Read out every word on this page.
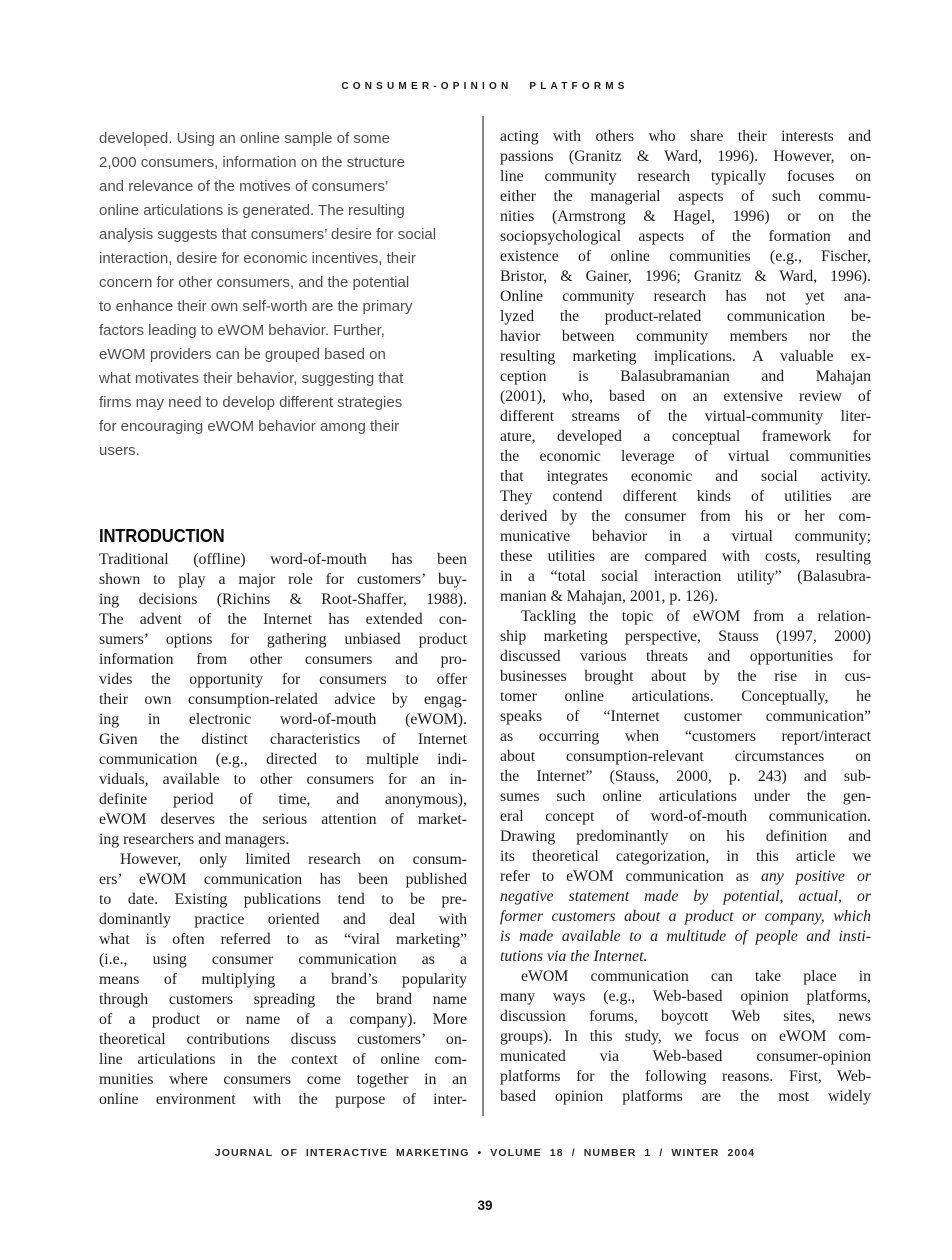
CONSUMER-OPINION PLATFORMS
developed. Using an online sample of some
2,000 consumers, information on the structure
and relevance of the motives of consumers’
online articulations is generated. The resulting
analysis suggests that consumers’ desire for social
interaction, desire for economic incentives, their
concern for other consumers, and the potential
to enhance their own self-worth are the primary
factors leading to eWOM behavior. Further,
eWOM providers can be grouped based on
what motivates their behavior, suggesting that
firms may need to develop different strategies
for encouraging eWOM behavior among their
users.
INTRODUCTION
Traditional (offline) word-of-mouth has been
shown to play a major role for customers’ buy-
ing decisions (Richins & Root-Shaffer, 1988).
The advent of the Internet has extended con-
sumers’ options for gathering unbiased product
information from other consumers and pro-
vides the opportunity for consumers to offer
their own consumption-related advice by engag-
ing in electronic word-of-mouth (eWOM).
Given the distinct characteristics of Internet
communication (e.g., directed to multiple indi-
viduals, available to other consumers for an in-
definite period of time, and anonymous),
eWOM deserves the serious attention of market-
ing researchers and managers.
However, only limited research on consum-
ers’ eWOM communication has been published
to date. Existing publications tend to be pre-
dominantly practice oriented and deal with
what is often referred to as “viral marketing”
(i.e., using consumer communication as a
means of multiplying a brand’s popularity
through customers spreading the brand name
of a product or name of a company). More
theoretical contributions discuss customers’ on-
line articulations in the context of online com-
munities where consumers come together in an
online environment with the purpose of inter-
acting with others who share their interests and
passions (Granitz & Ward, 1996). However, on-
line community research typically focuses on
either the managerial aspects of such commu-
nities (Armstrong & Hagel, 1996) or on the
sociopsychological aspects of the formation and
existence of online communities (e.g., Fischer,
Bristor, & Gainer, 1996; Granitz & Ward, 1996).
Online community research has not yet ana-
lyzed the product-related communication be-
havior between community members nor the
resulting marketing implications. A valuable ex-
ception is Balasubramanian and Mahajan
(2001), who, based on an extensive review of
different streams of the virtual-community liter-
ature, developed a conceptual framework for
the economic leverage of virtual communities
that integrates economic and social activity.
They contend different kinds of utilities are
derived by the consumer from his or her com-
municative behavior in a virtual community;
these utilities are compared with costs, resulting
in a “total social interaction utility” (Balasubra-
manian & Mahajan, 2001, p. 126).
Tackling the topic of eWOM from a relation-
ship marketing perspective, Stauss (1997, 2000)
discussed various threats and opportunities for
businesses brought about by the rise in cus-
tomer online articulations. Conceptually, he
speaks of “Internet customer communication”
as occurring when “customers report/interact
about consumption-relevant circumstances on
the Internet” (Stauss, 2000, p. 243) and sub-
sumes such online articulations under the gen-
eral concept of word-of-mouth communication.
Drawing predominantly on his definition and
its theoretical categorization, in this article we
refer to eWOM communication as any positive or
negative statement made by potential, actual, or
former customers about a product or company, which
is made available to a multitude of people and insti-
tutions via the Internet.
eWOM communication can take place in
many ways (e.g., Web-based opinion platforms,
discussion forums, boycott Web sites, news
groups). In this study, we focus on eWOM com-
municated via Web-based consumer-opinion
platforms for the following reasons. First, Web-
based opinion platforms are the most widely
JOURNAL OF INTERACTIVE MARKETING • VOLUME 18 / NUMBER 1 / WINTER 2004
39
